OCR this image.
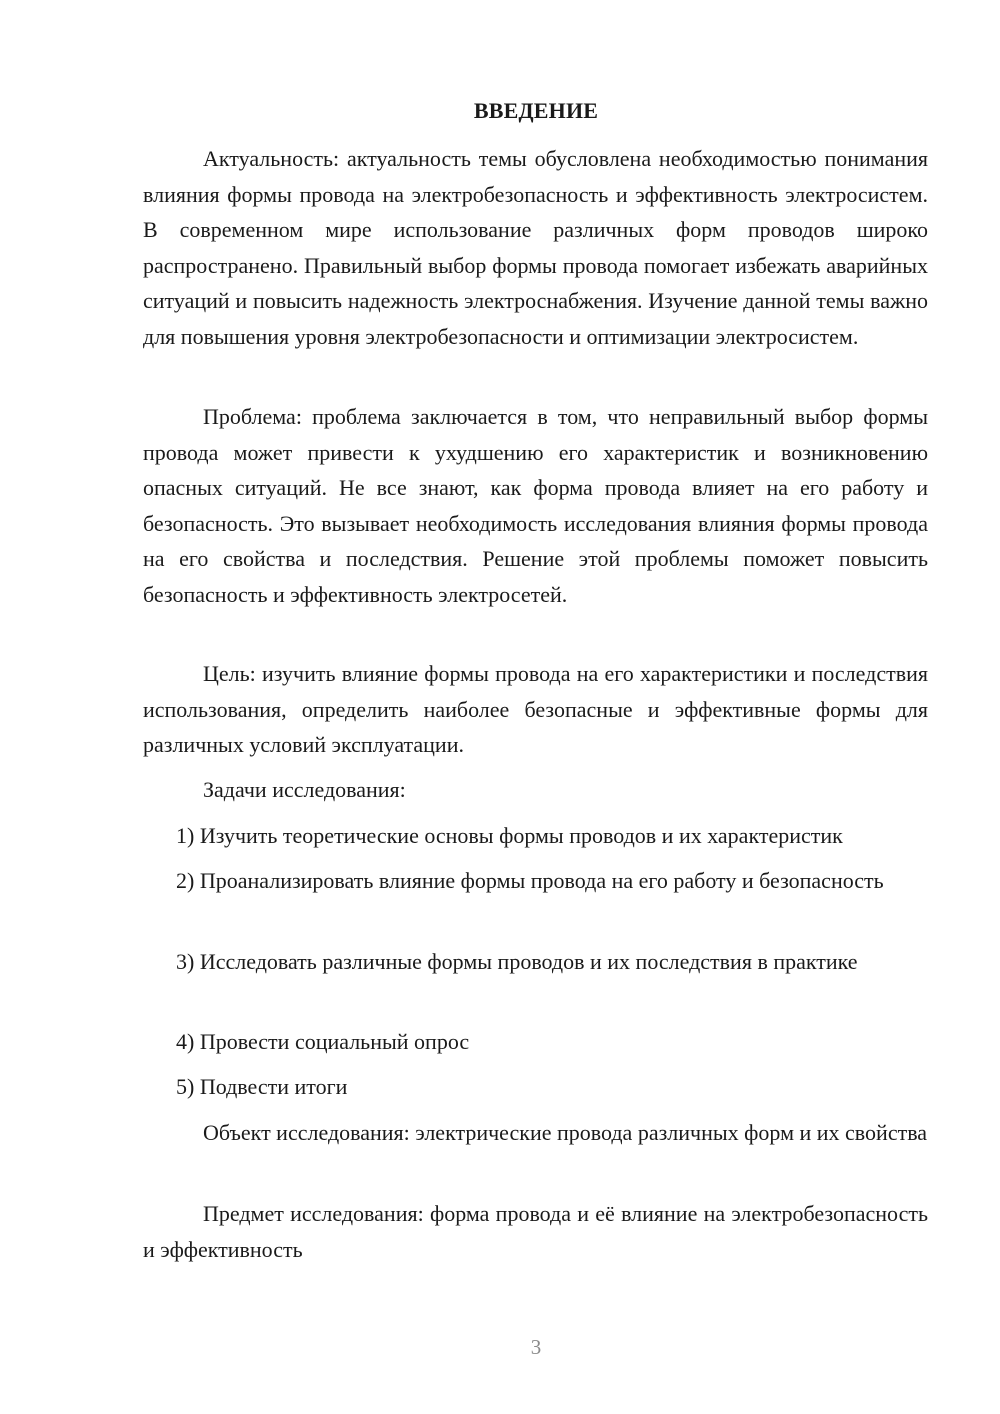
ВВЕДЕНИЕ

Актуальность: актуальность темы обусловлена необходимостью понимания влияния формы провода на электробезопасность и эффективность электросистем. В современном мире использование различных форм проводов широко распространено. Правильный выбор формы провода помогает избежать аварийных ситуаций и повысить надежность электроснабжения. Изучение данной темы важно для повышения уровня электробезопасности и оптимизации электросистем.

Проблема: проблема заключается в том, что неправильный выбор формы провода может привести к ухудшению его характеристик и возникновению опасных ситуаций. Не все знают, как форма провода влияет на его работу и безопасность. Это вызывает необходимость исследования влияния формы провода на его свойства и последствия. Решение этой проблемы поможет повысить безопасность и эффективность электросетей.

Цель: изучить влияние формы провода на его характеристики и последствия использования, определить наиболее безопасные и эффективные формы для различных условий эксплуатации.

Задачи исследования:

1) Изучить теоретические основы формы проводов и их характеристик

2) Проанализировать влияние формы провода на его работу и безопасность

3) Исследовать различные формы проводов и их последствия в практике

4) Провести социальный опрос

5) Подвести итоги

Объект исследования: электрические провода различных форм и их свойства

Предмет исследования: форма провода и её влияние на электробезопасность и эффективность

3
